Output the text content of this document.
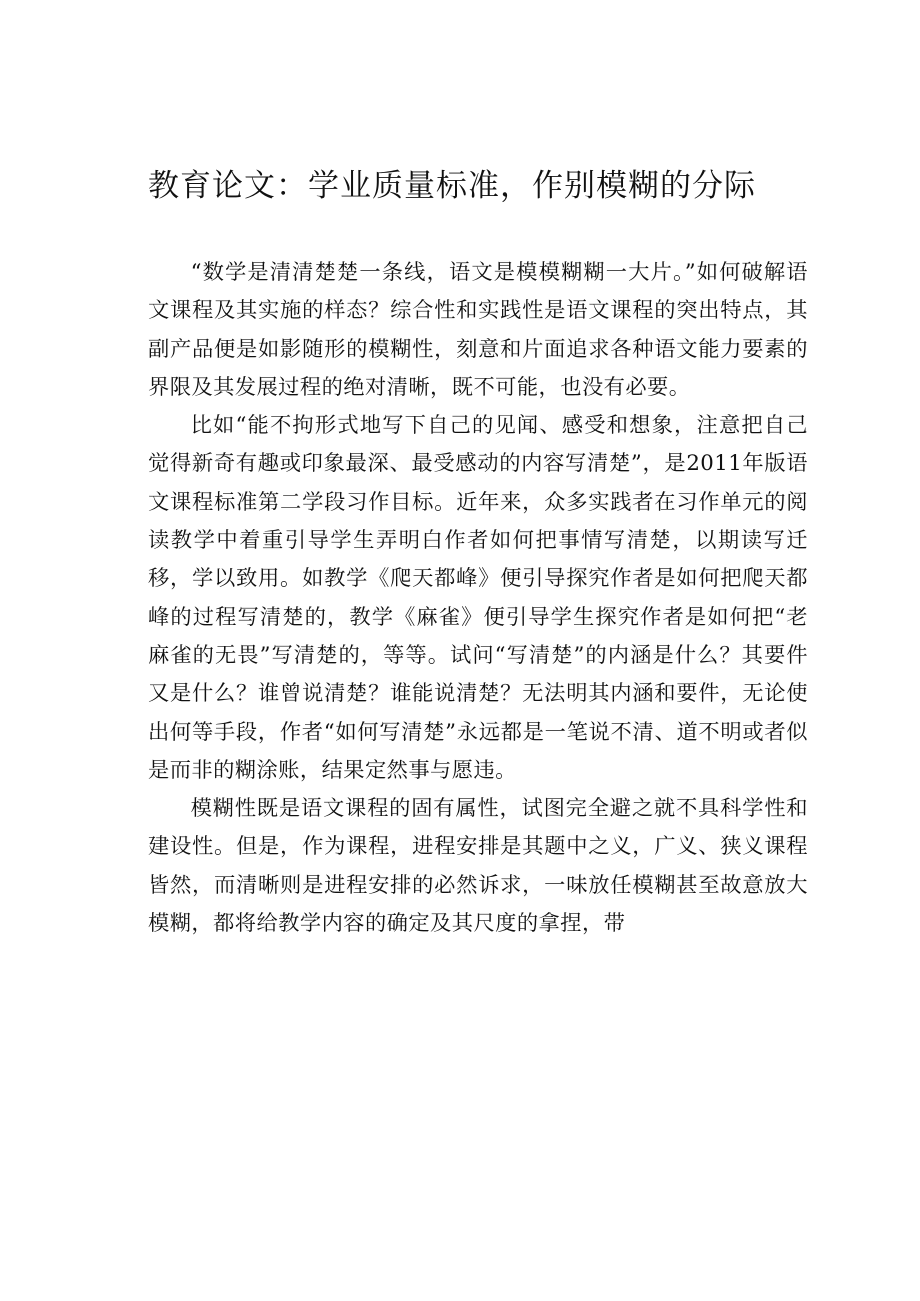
教育论文：学业质量标准，作别模糊的分际

“数学是清清楚楚一条线，语文是模模糊糊一大片。”如何破解语文课程及其实施的样态？综合性和实践性是语文课程的突出特点，其副产品便是如影随形的模糊性，刻意和片面追求各种语文能力要素的界限及其发展过程的绝对清晰，既不可能，也没有必要。

比如“能不拘形式地写下自己的见闻、感受和想象，注意把自己觉得新奇有趣或印象最深、最受感动的内容写清楚”，是2011年版语文课程标准第二学段习作目标。近年来，众多实践者在习作单元的阅读教学中着重引导学生弄明白作者如何把事情写清楚，以期读写迁移，学以致用。如教学《爬天都峰》便引导探究作者是如何把爬天都峰的过程写清楚的，教学《麻雀》便引导学生探究作者是如何把“老麻雀的无畏”写清楚的，等等。试问“写清楚”的内涵是什么？其要件又是什么？谁曾说清楚？谁能说清楚？无法明其内涵和要件，无论使出何等手段，作者“如何写清楚”永远都是一笔说不清、道不明或者似是而非的糊涂账，结果定然事与愿违。

模糊性既是语文课程的固有属性，试图完全避之就不具科学性和建设性。但是，作为课程，进程安排是其题中之义，广义、狭义课程皆然，而清晰则是进程安排的必然诉求，一味放任模糊甚至故意放大模糊，都将给教学内容的确定及其尺度的拿捏，带
